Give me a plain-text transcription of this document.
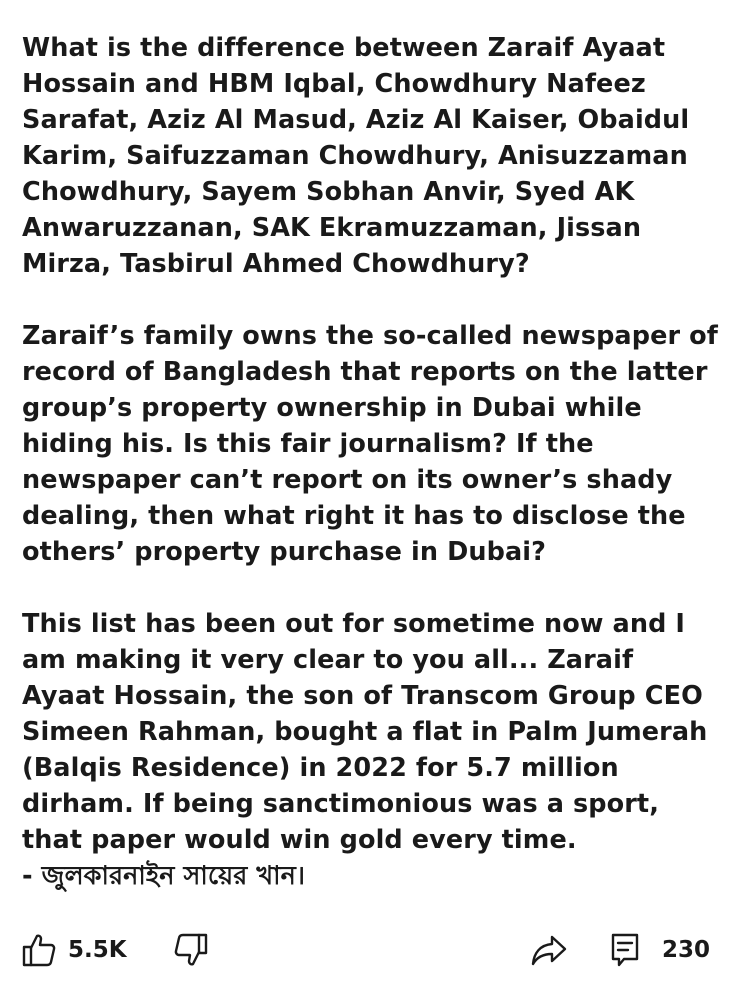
What is the difference between Zaraif Ayaat Hossain and HBM Iqbal, Chowdhury Nafeez Sarafat, Aziz Al Masud, Aziz Al Kaiser, Obaidul Karim, Saifuzzaman Chowdhury, Anisuzzaman Chowdhury, Sayem Sobhan Anvir, Syed AK Anwaruzzanan, SAK Ekramuzzaman, Jissan Mirza, Tasbirul Ahmed Chowdhury?

Zaraif’s family owns the so-called newspaper of record of Bangladesh that reports on the latter group’s property ownership in Dubai while hiding his. Is this fair journalism? If the newspaper can’t report on its owner’s shady dealing, then what right it has to disclose the others’ property purchase in Dubai?

This list has been out for sometime now and I am making it very clear to you all... Zaraif Ayaat Hossain, the son of Transcom Group CEO Simeen Rahman, bought a flat in Palm Jumerah (Balqis Residence) in 2022 for 5.7 million dirham. If being sanctimonious was a sport, that paper would win gold every time.
- জুলকারনাইন সায়ের খান।

5.5K	230
